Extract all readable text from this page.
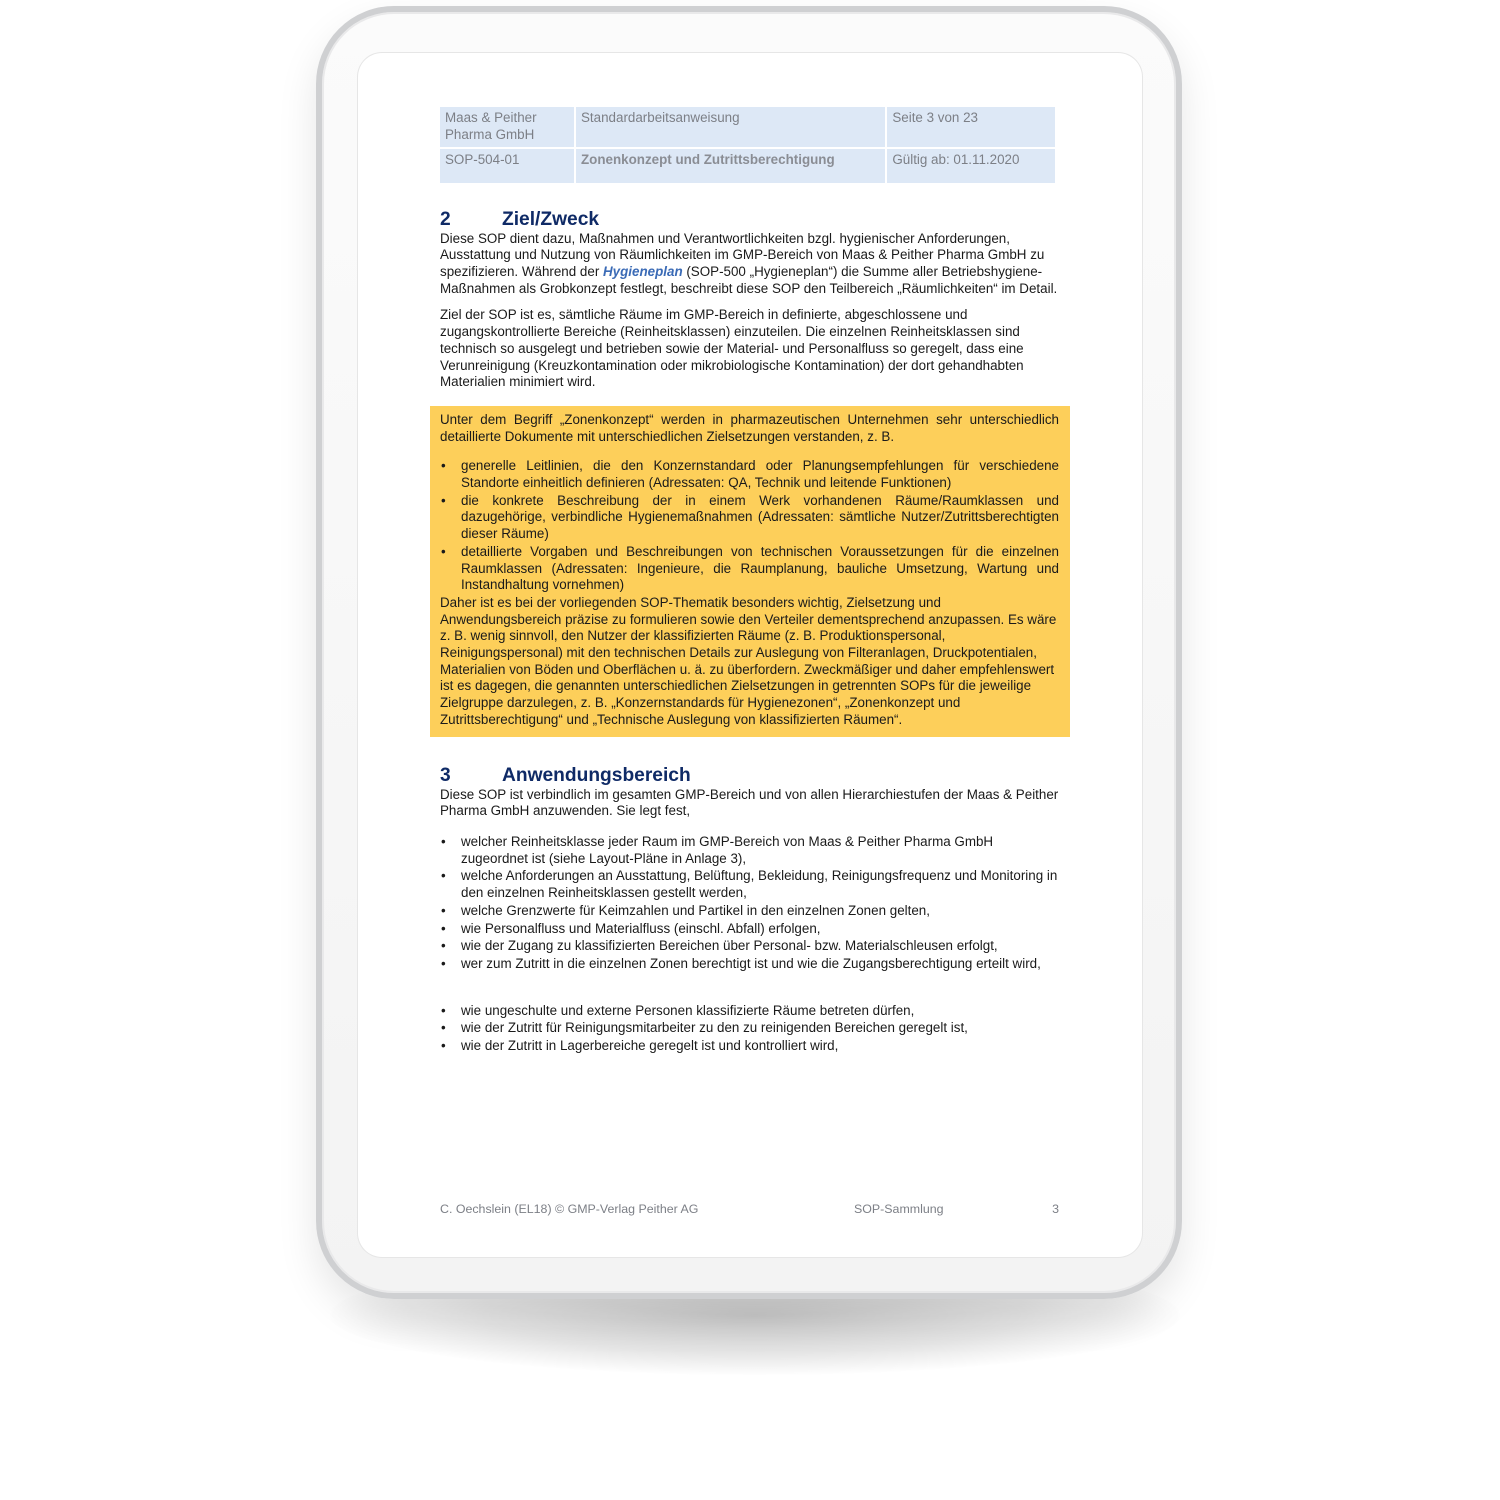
Maas & Peither Pharma GmbH	Standardarbeitsanweisung	Seite 3 von 23
SOP-504-01	Zonenkonzept und Zutrittsberechtigung	Gültig ab: 01.11.2020
2	Ziel/Zweck

Diese SOP dient dazu, Maßnahmen und Verantwortlichkeiten bzgl. hygienischer Anforderungen, Ausstattung und Nutzung von Räumlichkeiten im GMP-Bereich von Maas & Peither Pharma GmbH zu spezifizieren. Während der Hygieneplan (SOP-500 „Hygieneplan“) die Summe aller Betriebshygiene-Maßnahmen als Grobkonzept festlegt, beschreibt diese SOP den Teilbereich „Räumlichkeiten“ im Detail.

Ziel der SOP ist es, sämtliche Räume im GMP-Bereich in definierte, abgeschlossene und zugangskontrollierte Bereiche (Reinheitsklassen) einzuteilen. Die einzelnen Reinheitsklassen sind technisch so ausgelegt und betrieben sowie der Material- und Personalfluss so geregelt, dass eine Verunreinigung (Kreuzkontamination oder mikrobiologische Kontamination) der dort gehandhabten Materialien minimiert wird.

Unter dem Begriff „Zonenkonzept“ werden in pharmazeutischen Unternehmen sehr unterschiedlich detaillierte Dokumente mit unterschiedlichen Zielsetzungen verstanden, z. B.

• generelle Leitlinien, die den Konzernstandard oder Planungsempfehlungen für verschiedene Standorte einheitlich definieren (Adressaten: QA, Technik und leitende Funktionen)
• die konkrete Beschreibung der in einem Werk vorhandenen Räume/Raumklassen und dazugehörige, verbindliche Hygienemaßnahmen (Adressaten: sämtliche Nutzer/Zutrittsberechtigten dieser Räume)
• detaillierte Vorgaben und Beschreibungen von technischen Voraussetzungen für die einzelnen Raumklassen (Adressaten: Ingenieure, die Raumplanung, bauliche Umsetzung, Wartung und Instandhaltung vornehmen)

Daher ist es bei der vorliegenden SOP-Thematik besonders wichtig, Zielsetzung und Anwendungsbereich präzise zu formulieren sowie den Verteiler dementsprechend anzupassen. Es wäre z. B. wenig sinnvoll, den Nutzer der klassifizierten Räume (z. B. Produktionspersonal, Reinigungspersonal) mit den technischen Details zur Auslegung von Filteranlagen, Druckpotentialen, Materialien von Böden und Oberflächen u. ä. zu überfordern. Zweckmäßiger und daher empfehlenswert ist es dagegen, die genannten unterschiedlichen Zielsetzungen in getrennten SOPs für die jeweilige Zielgruppe darzulegen, z. B. „Konzernstandards für Hygienezonen“, „Zonenkonzept und Zutrittsberechtigung“ und „Technische Auslegung von klassifizierten Räumen“.

3	Anwendungsbereich

Diese SOP ist verbindlich im gesamten GMP-Bereich und von allen Hierarchiestufen der Maas & Peither Pharma GmbH anzuwenden. Sie legt fest,

• welcher Reinheitsklasse jeder Raum im GMP-Bereich von Maas & Peither Pharma GmbH zugeordnet ist (siehe Layout-Pläne in Anlage 3),
• welche Anforderungen an Ausstattung, Belüftung, Bekleidung, Reinigungsfrequenz und Monitoring in den einzelnen Reinheitsklassen gestellt werden,
• welche Grenzwerte für Keimzahlen und Partikel in den einzelnen Zonen gelten,
• wie Personalfluss und Materialfluss (einschl. Abfall) erfolgen,
• wie der Zugang zu klassifizierten Bereichen über Personal- bzw. Materialschleusen erfolgt,
• wer zum Zutritt in die einzelnen Zonen berechtigt ist und wie die Zugangsberechtigung erteilt wird,
• wie ungeschulte und externe Personen klassifizierte Räume betreten dürfen,
• wie der Zutritt für Reinigungsmitarbeiter zu den zu reinigenden Bereichen geregelt ist,
• wie der Zutritt in Lagerbereiche geregelt ist und kontrolliert wird,
C. Oechslein (EL18) © GMP-Verlag Peither AG	SOP-Sammlung	3
